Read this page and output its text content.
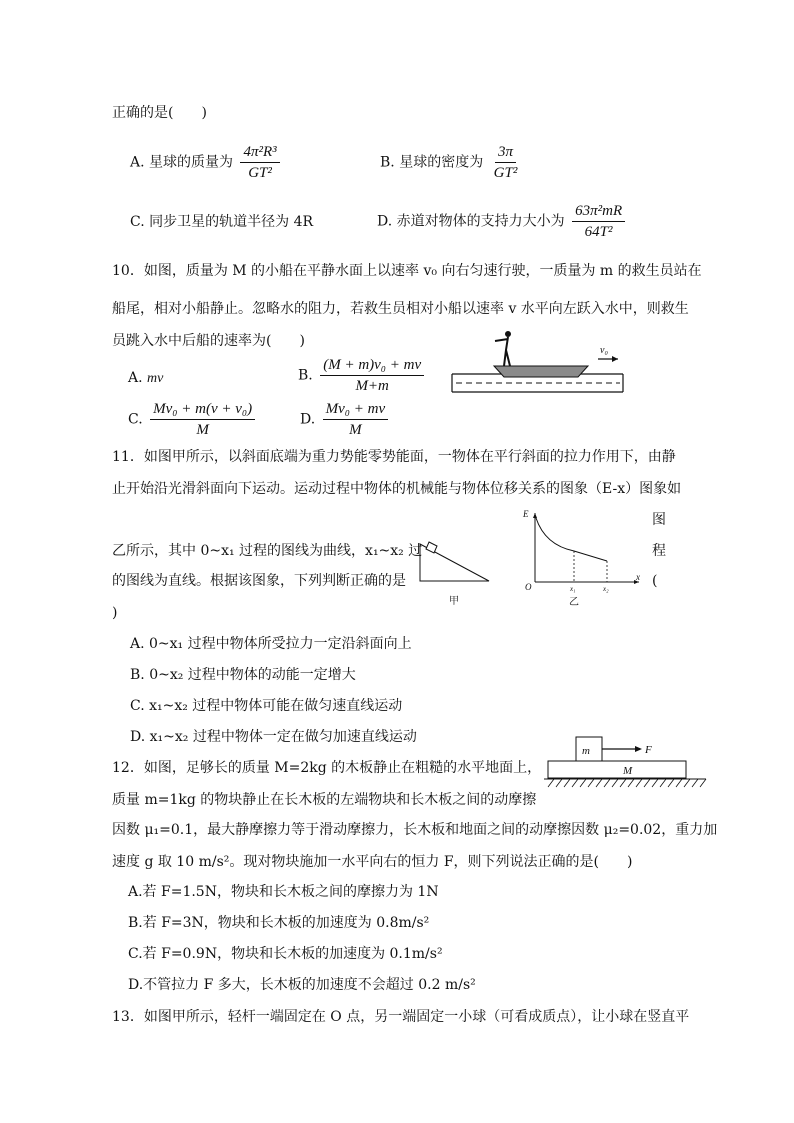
正确的是(　　)
A. 星球的质量为 $\frac{\text{4π²R³}}{\text{GT²}}$	B. 星球的密度为 $\frac{3\pi}{\text{GT²}}$
C. 同步卫星的轨道半径为 4R	D. 赤道对物体的支持力大小为 $\frac{\text{63π²mR}}{\text{64T²}}$
10．如图，质量为 M 的小船在平静水面上以速率 v₀ 向右匀速行驶，一质量为 m 的救生员站在
船尾，相对小船静止。忽略水的阻力，若救生员相对小船以速率 v 水平向左跃入水中，则救生
员跳入水中后船的速率为(　　)
A. mv	B. $\frac{\text{(M + m)v₀ + mv}}{M+m}$
C. $\frac{\text{Mv₀ + m(v + v₀)}}{M}$	D. $\frac{\text{Mv₀ + mv}}{M}$
v₀
11．如图甲所示，以斜面底端为重力势能零势能面，一物体在平行斜面的拉力作用下，由静
止开始沿光滑斜面向下运动。运动过程中物体的机械能与物体位移关系的图象（E-x）图象如
图
乙所示，其中 0~x₁ 过程的图线为曲线，x₁~x₂ 过	程
的图线为直线。根据该图象，下列判断正确的是	(
)
甲
E
O
x
x₁	x₂
乙
A. 0~x₁ 过程中物体所受拉力一定沿斜面向上
B. 0~x₂ 过程中物体的动能一定增大
C. x₁~x₂ 过程中物体可能在做匀速直线运动
D. x₁~x₂ 过程中物体一定在做匀加速直线运动
12．如图，足够长的质量 M=2kg 的木板静止在粗糙的水平地面上，
质量 m=1kg 的物块静止在长木板的左端物块和长木板之间的动摩擦
因数 μ₁=0.1，最大静摩擦力等于滑动摩擦力，长木板和地面之间的动摩擦因数 μ₂=0.02，重力加
速度 g 取 10 m/s²。现对物块施加一水平向右的恒力 F，则下列说法正确的是(　　)
m	F
M
A.若 F=1.5N，物块和长木板之间的摩擦力为 1N
B.若 F=3N，物块和长木板的加速度为 0.8m/s²
C.若 F=0.9N，物块和长木板的加速度为 0.1m/s²
D.不管拉力 F 多大，长木板的加速度不会超过 0.2 m/s²
13．如图甲所示，轻杆一端固定在 O 点，另一端固定一小球（可看成质点），让小球在竖直平
